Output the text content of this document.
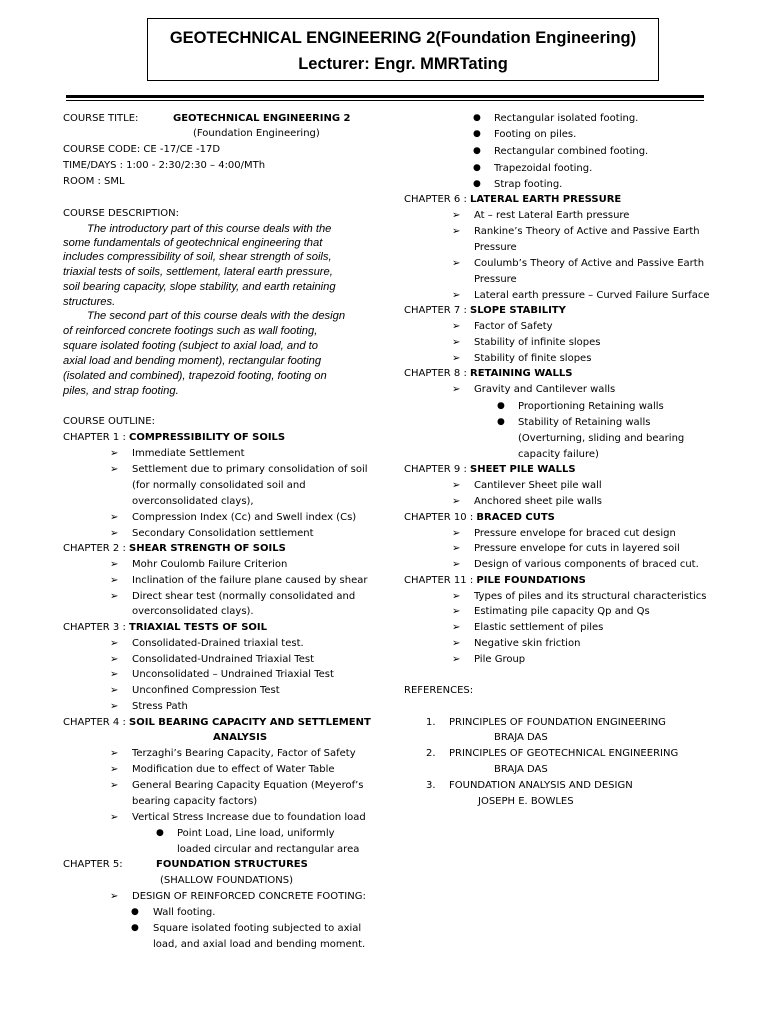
GEOTECHNICAL ENGINEERING 2(Foundation Engineering)
Lecturer: Engr. MMRTating
COURSE TITLE:	GEOTECHNICAL ENGINEERING 2
(Foundation Engineering)
COURSE CODE: CE -17/CE -17D
TIME/DAYS : 1:00 - 2:30/2:30 – 4:00/MTh
ROOM : SML
COURSE DESCRIPTION:
The introductory part of this course deals with the
some fundamentals of geotechnical engineering that
includes compressibility of soil, shear strength of soils,
triaxial tests of soils, settlement, lateral earth pressure,
soil bearing capacity, slope stability, and earth retaining
structures.
The second part of this course deals with the design
of reinforced concrete footings such as wall footing,
square isolated footing (subject to axial load, and to
axial load and bending moment), rectangular footing
(isolated and combined), trapezoid footing, footing on
piles, and strap footing.
COURSE OUTLINE:
CHAPTER 1 : COMPRESSIBILITY OF SOILS
➢ Immediate Settlement
➢ Settlement due to primary consolidation of soil
(for normally consolidated soil and
overconsolidated clays),
➢ Compression Index (Cc) and Swell index (Cs)
➢ Secondary Consolidation settlement
CHAPTER 2 : SHEAR STRENGTH OF SOILS
➢ Mohr Coulomb Failure Criterion
➢ Inclination of the failure plane caused by shear
➢ Direct shear test (normally consolidated and
overconsolidated clays).
CHAPTER 3 : TRIAXIAL TESTS OF SOIL
➢ Consolidated-Drained triaxial test.
➢ Consolidated-Undrained Triaxial Test
➢ Unconsolidated – Undrained Triaxial Test
➢ Unconfined Compression Test
➢ Stress Path
CHAPTER 4 : SOIL BEARING CAPACITY AND SETTLEMENT
ANALYSIS
➢ Terzaghi’s Bearing Capacity, Factor of Safety
➢ Modification due to effect of Water Table
➢ General Bearing Capacity Equation (Meyerof’s
bearing capacity factors)
➢ Vertical Stress Increase due to foundation load
● Point Load, Line load, uniformly
loaded circular and rectangular area
CHAPTER 5:	FOUNDATION STRUCTURES
(SHALLOW FOUNDATIONS)
➢ DESIGN OF REINFORCED CONCRETE FOOTING:
● Wall footing.
● Square isolated footing subjected to axial
load, and axial load and bending moment.
● Rectangular isolated footing.
● Footing on piles.
● Rectangular combined footing.
● Trapezoidal footing.
● Strap footing.
CHAPTER 6 : LATERAL EARTH PRESSURE
➢ At – rest Lateral Earth pressure
➢ Rankine’s Theory of Active and Passive Earth
Pressure
➢ Coulumb’s Theory of Active and Passive Earth
Pressure
➢ Lateral earth pressure – Curved Failure Surface
CHAPTER 7 : SLOPE STABILITY
➢ Factor of Safety
➢ Stability of infinite slopes
➢ Stability of finite slopes
CHAPTER 8 : RETAINING WALLS
➢ Gravity and Cantilever walls
● Proportioning Retaining walls
● Stability of Retaining walls
(Overturning, sliding and bearing
capacity failure)
CHAPTER 9 : SHEET PILE WALLS
➢ Cantilever Sheet pile wall
➢ Anchored sheet pile walls
CHAPTER 10 : BRACED CUTS
➢ Pressure envelope for braced cut design
➢ Pressure envelope for cuts in layered soil
➢ Design of various components of braced cut.
CHAPTER 11 : PILE FOUNDATIONS
➢ Types of piles and its structural characteristics
➢ Estimating pile capacity Qp and Qs
➢ Elastic settlement of piles
➢ Negative skin friction
➢ Pile Group
REFERENCES:
1. PRINCIPLES OF FOUNDATION ENGINEERING
BRAJA DAS
2. PRINCIPLES OF GEOTECHNICAL ENGINEERING
BRAJA DAS
3. FOUNDATION ANALYSIS AND DESIGN
JOSEPH E. BOWLES
